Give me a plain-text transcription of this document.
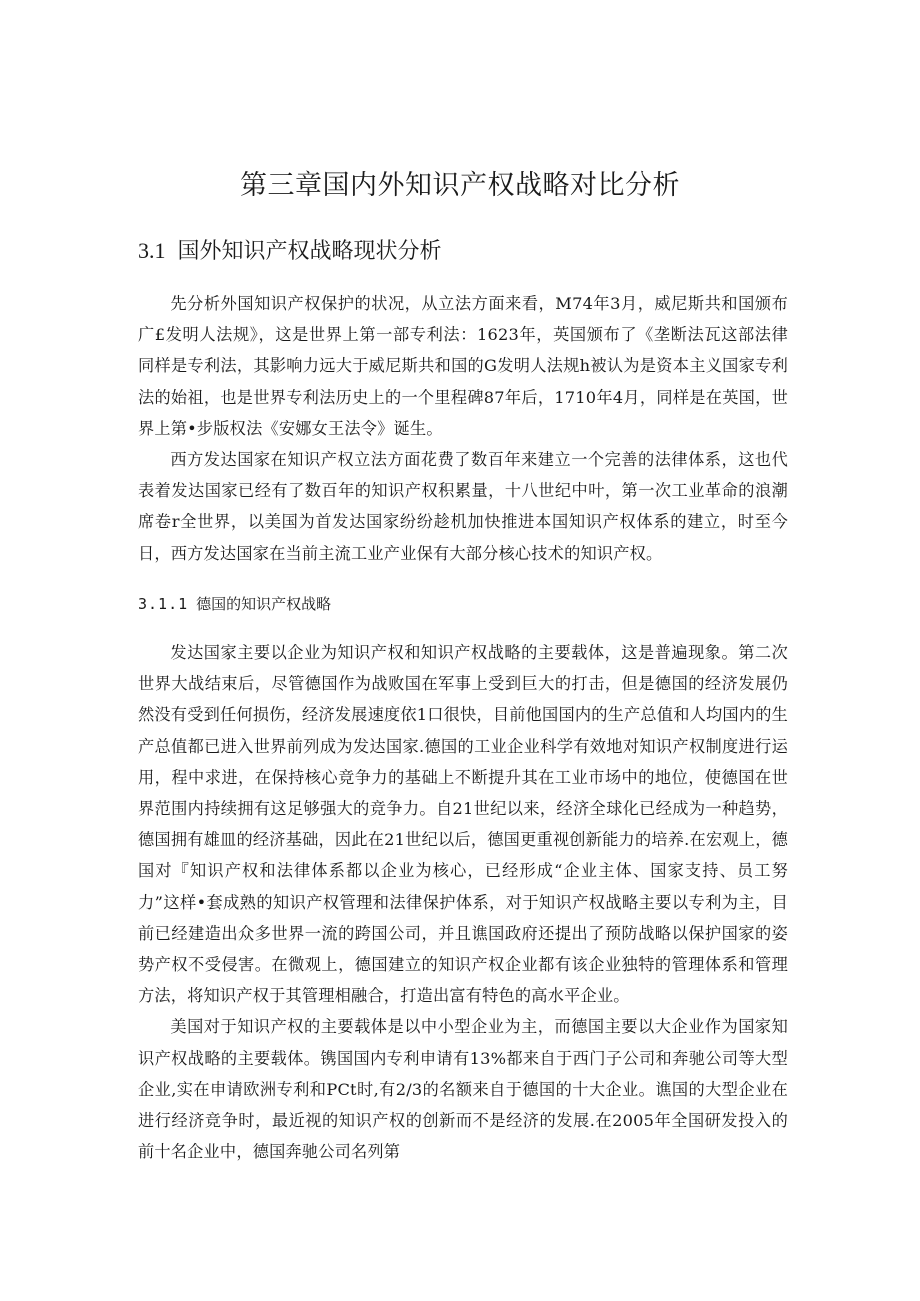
第三章国内外知识产权战略对比分析
3.1 国外知识产权战略现状分析

先分析外国知识产权保护的状况，从立法方面来看，M74年3月，威尼斯共和国颁布广£发明人法规》，这是世界上第一部专利法：1623年，英国颁布了《垄断法瓦这部法律同样是专利法，其影响力远大于威尼斯共和国的G发明人法规h被认为是资本主义国家专利法的始祖，也是世界专利法历史上的一个里程碑87年后，1710年4月，同样是在英国，世界上第•步版权法《安娜女王法令》诞生。

西方发达国家在知识产权立法方面花费了数百年来建立一个完善的法律体系，这也代表着发达国家已经有了数百年的知识产权积累量，十八世纪中叶，第一次工业革命的浪潮席卷r全世界，以美国为首发达国家纷纷趁机加快推进本国知识产权体系的建立，时至今日，西方发达国家在当前主流工业产业保有大部分核心技术的知识产权。

3.1.1 德国的知识产权战略

发达国家主要以企业为知识产权和知识产权战略的主要载体，这是普遍现象。第二次世界大战结束后，尽管德国作为战败国在军事上受到巨大的打击，但是德国的经济发展仍然没有受到任何损伤，经济发展速度依1口很快，目前他国国内的生产总值和人均国内的生产总值都已进入世界前列成为发达国家.德国的工业企业科学有效地对知识产权制度进行运用，程中求进，在保持核心竞争力的基础上不断提升其在工业市场中的地位，使德国在世界范围内持续拥有这足够强大的竞争力。自21世纪以来，经济全球化已经成为一种趋势，德国拥有雄皿的经济基础，因此在21世纪以后，德国更重视创新能力的培养.在宏观上，德国对『知识产权和法律体系都以企业为核心，已经形成“企业主体、国家支持、员工努力”这样•套成熟的知识产权管理和法律保护体系，对于知识产权战略主要以专利为主，目前已经建造出众多世界一流的跨国公司，并且谯国政府还提出了预防战略以保护国家的姿势产权不受侵害。在微观上，德国建立的知识产权企业都有该企业独特的管理体系和管理方法，将知识产权于其管理相融合，打造出富有特色的高水平企业。

美国对于知识产权的主要载体是以中小型企业为主，而德国主要以大企业作为国家知识产权战略的主要载体。镌国国内专利申请有13%都来自于西门子公司和奔驰公司等大型企业,实在申请欧洲专利和PCt时,有2/3的名额来自于德国的十大企业。谯国的大型企业在进行经济竞争时，最近视的知识产权的创新而不是经济的发展.在2005年全国研发投入的前十名企业中，德国奔驰公司名列第
